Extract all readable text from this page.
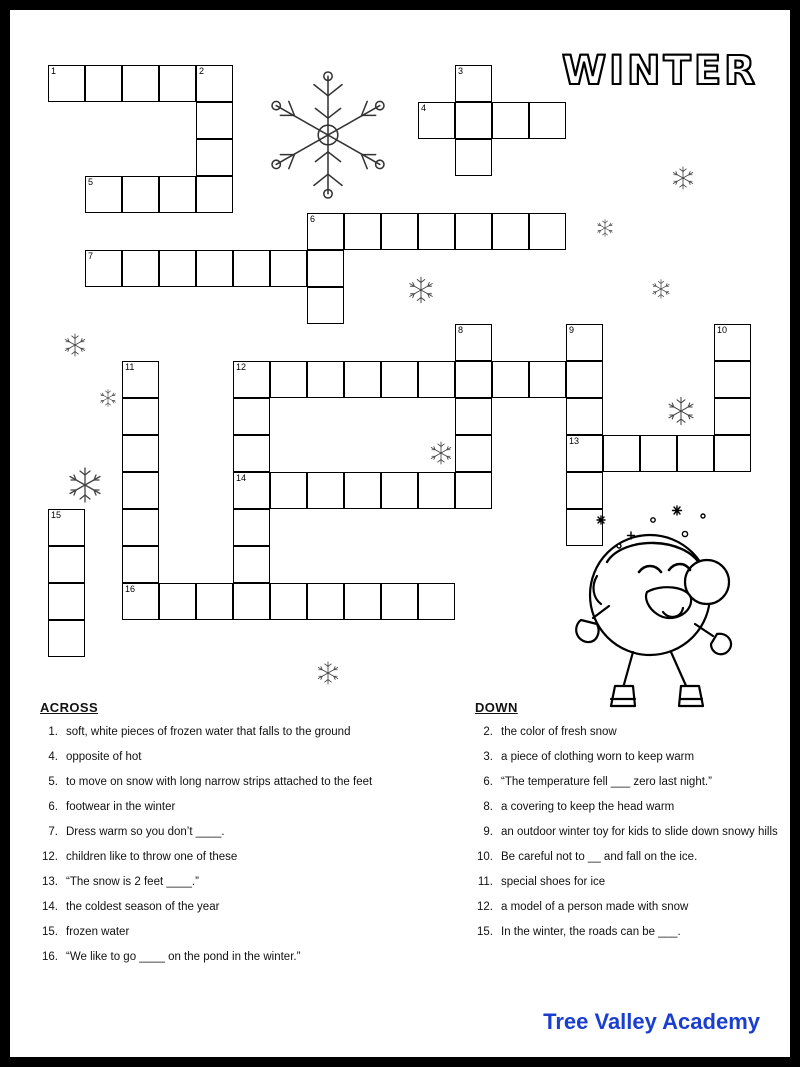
WINTER
1	2	3
4
5
6
7
8	9
13
10
11	12
14
15
16
ACROSS
1. soft, white pieces of frozen water that falls to the ground
4. opposite of hot
5. to move on snow with long narrow strips attached to the feet
6. footwear in the winter
7. Dress warm so you don’t ____.
12. children like to throw one of these
13. “The snow is 2 feet ____.”
14. the coldest season of the year
15. frozen water
16. “We like to go ____ on the pond in the winter.”
DOWN
2. the color of fresh snow
3. a piece of clothing worn to keep warm
6. “The temperature fell ___ zero last night.”
8. a covering to keep the head warm
9. an outdoor winter toy for kids to slide down snowy hills
10. Be careful not to __ and fall on the ice.
11. special shoes for ice
12. a model of a person made with snow
15. In the winter, the roads can be ___.
Tree Valley Academy
